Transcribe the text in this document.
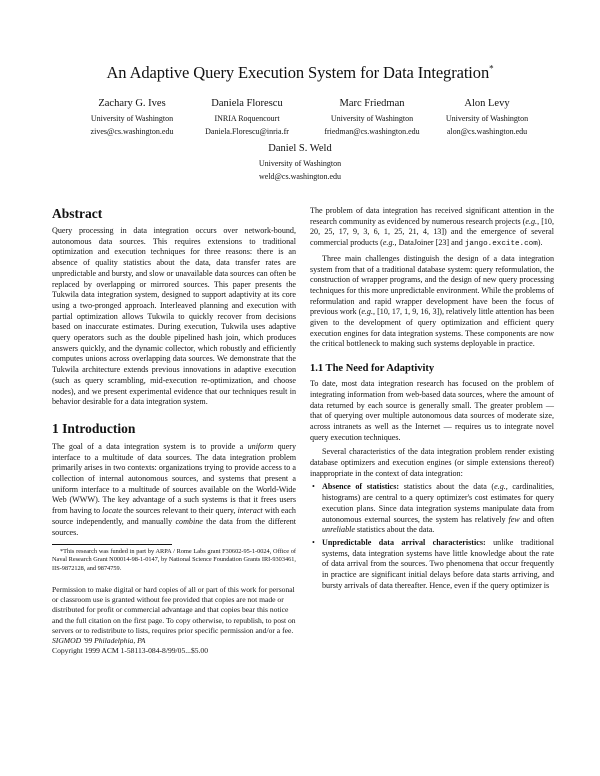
An Adaptive Query Execution System for Data Integration*
Zachary G. Ives
University of Washington
zives@cs.washington.edu
Daniela Florescu
INRIA Roquencourt
Daniela.Florescu@inria.fr
Marc Friedman
University of Washington
friedman@cs.washington.edu
Alon Levy
University of Washington
alon@cs.washington.edu
Daniel S. Weld
University of Washington
weld@cs.washington.edu
Abstract

Query processing in data integration occurs over network-bound, autonomous data sources. This requires extensions to traditional optimization and execution techniques for three reasons: there is an absence of quality statistics about the data, data transfer rates are unpredictable and bursty, and slow or unavailable data sources can often be replaced by overlapping or mirrored sources. This paper presents the Tukwila data integration system, designed to support adaptivity at its core using a two-pronged approach. Interleaved planning and execution with partial optimization allows Tukwila to quickly recover from decisions based on inaccurate estimates. During execution, Tukwila uses adaptive query operators such as the double pipelined hash join, which produces answers quickly, and the dynamic collector, which robustly and efficiently computes unions across overlapping data sources. We demonstrate that the Tukwila architecture extends previous innovations in adaptive execution (such as query scrambling, mid-execution re-optimization, and choose nodes), and we present experimental evidence that our techniques result in behavior desirable for a data integration system.

1 Introduction

The goal of a data integration system is to provide a uniform query interface to a multitude of data sources. The data integration problem primarily arises in two contexts: organizations trying to provide access to a collection of internal autonomous sources, and systems that present a uniform interface to a multitude of sources available on the World-Wide Web (WWW). The key advantage of a such systems is that it frees users from having to locate the sources relevant to their query, interact with each source independently, and manually combine the data from the different sources.

*This research was funded in part by ARPA / Rome Labs grant F30602-95-1-0024, Office of Naval Research Grant N00014-98-1-0147, by National Science Foundation Grants IRI-9303461, IIS-9872128, and 9874759.

Permission to make digital or hard copies of all or part of this work for personal or classroom use is granted without fee provided that copies are not made or distributed for profit or commercial advantage and that copies bear this notice and the full citation on the first page. To copy otherwise, to republish, to post on servers or to redistribute to lists, requires prior specific permission and/or a fee.

SIGMOD '99 Philadelphia, PA

Copyright 1999 ACM 1-58113-084-8/99/05...$5.00

The problem of data integration has received significant attention in the research community as evidenced by numerous research projects (e.g., [10, 20, 25, 17, 9, 3, 6, 1, 25, 21, 4, 13]) and the emergence of several commercial products (e.g., DataJoiner [23] and jango.excite.com).

Three main challenges distinguish the design of a data integration system from that of a traditional database system: query reformulation, the construction of wrapper programs, and the design of new query processing techniques for this more unpredictable environment. While the problems of reformulation and rapid wrapper development have been the focus of previous work (e.g., [10, 17, 1, 9, 16, 3]), relatively little attention has been given to the development of query optimization and efficient query execution engines for data integration systems. These components are now the critical bottleneck to making such systems deployable in practice.

1.1 The Need for Adaptivity

To date, most data integration research has focused on the problem of integrating information from web-based data sources, where the amount of data returned by each source is generally small. The greater problem — that of querying over multiple autonomous data sources of moderate size, across intranets as well as the Internet — requires us to integrate novel query execution techniques.

Several characteristics of the data integration problem render existing database optimizers and execution engines (or simple extensions thereof) inappropriate in the context of data integration:

• Absence of statistics: statistics about the data (e.g., cardinalities, histograms) are central to a query optimizer's cost estimates for query execution plans. Since data integration systems manipulate data from autonomous external sources, the system has relatively few and often unreliable statistics about the data.
• Unpredictable data arrival characteristics: unlike traditional systems, data integration systems have little knowledge about the rate of data arrival from the sources. Two phenomena that occur frequently in practice are significant initial delays before data starts arriving, and bursty arrivals of data thereafter. Hence, even if the query optimizer is
